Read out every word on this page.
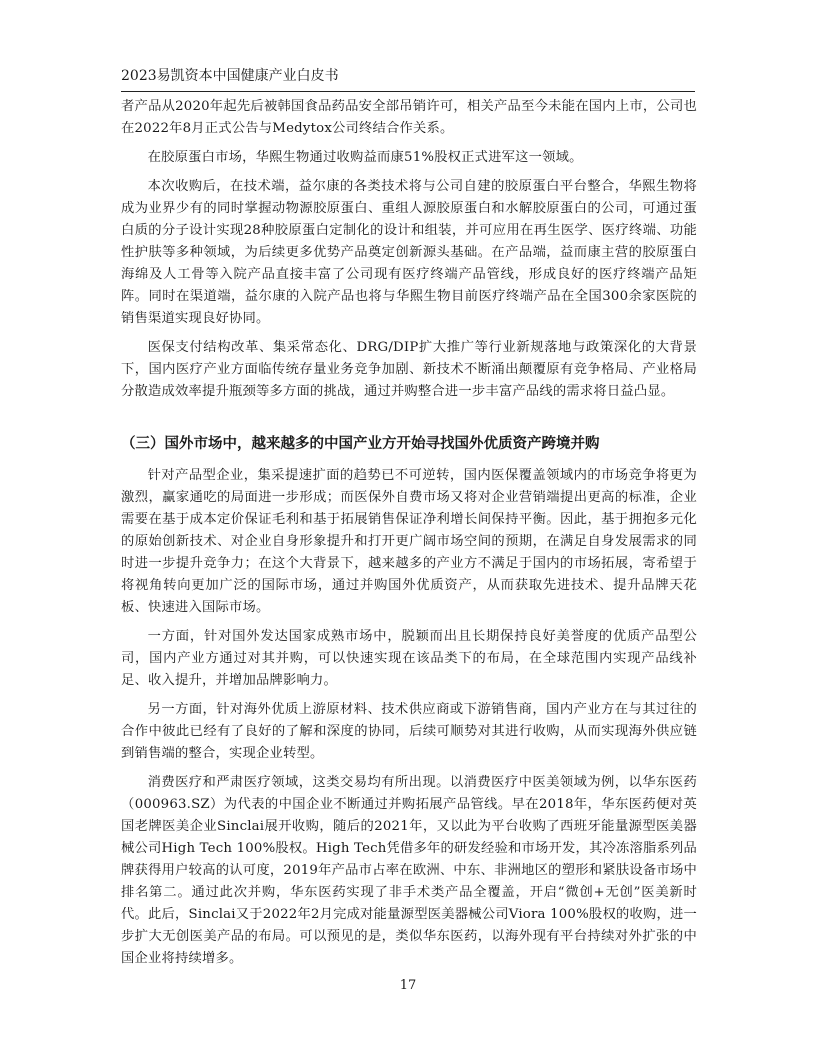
2023易凯资本中国健康产业白皮书

者产品从2020年起先后被韩国食品药品安全部吊销许可，相关产品至今未能在国内上市，公司也在2022年8月正式公告与Medytox公司终结合作关系。

在胶原蛋白市场，华熙生物通过收购益而康51%股权正式进军这一领域。

本次收购后，在技术端，益尔康的各类技术将与公司自建的胶原蛋白平台整合，华熙生物将成为业界少有的同时掌握动物源胶原蛋白、重组人源胶原蛋白和水解胶原蛋白的公司，可通过蛋白质的分子设计实现28种胶原蛋白定制化的设计和组装，并可应用在再生医学、医疗终端、功能性护肤等多种领域，为后续更多优势产品奠定创新源头基础。在产品端，益而康主营的胶原蛋白海绵及人工骨等入院产品直接丰富了公司现有医疗终端产品管线，形成良好的医疗终端产品矩阵。同时在渠道端，益尔康的入院产品也将与华熙生物目前医疗终端产品在全国300余家医院的销售渠道实现良好协同。

医保支付结构改革、集采常态化、DRG/DIP扩大推广等行业新规落地与政策深化的大背景下，国内医疗产业方面临传统存量业务竞争加剧、新技术不断涌出颠覆原有竞争格局、产业格局分散造成效率提升瓶颈等多方面的挑战，通过并购整合进一步丰富产品线的需求将日益凸显。

（三）国外市场中，越来越多的中国产业方开始寻找国外优质资产跨境并购

针对产品型企业，集采提速扩面的趋势已不可逆转，国内医保覆盖领域内的市场竞争将更为激烈，赢家通吃的局面进一步形成；而医保外自费市场又将对企业营销端提出更高的标准，企业需要在基于成本定价保证毛利和基于拓展销售保证净利增长间保持平衡。因此，基于拥抱多元化的原始创新技术、对企业自身形象提升和打开更广阔市场空间的预期，在满足自身发展需求的同时进一步提升竞争力；在这个大背景下，越来越多的产业方不满足于国内的市场拓展，寄希望于将视角转向更加广泛的国际市场，通过并购国外优质资产，从而获取先进技术、提升品牌天花板、快速进入国际市场。

一方面，针对国外发达国家成熟市场中，脱颖而出且长期保持良好美誉度的优质产品型公司，国内产业方通过对其并购，可以快速实现在该品类下的布局，在全球范围内实现产品线补足、收入提升，并增加品牌影响力。

另一方面，针对海外优质上游原材料、技术供应商或下游销售商，国内产业方在与其过往的合作中彼此已经有了良好的了解和深度的协同，后续可顺势对其进行收购，从而实现海外供应链到销售端的整合，实现企业转型。

消费医疗和严肃医疗领域，这类交易均有所出现。以消费医疗中医美领域为例，以华东医药（000963.SZ）为代表的中国企业不断通过并购拓展产品管线。早在2018年，华东医药便对英国老牌医美企业Sinclai展开收购，随后的2021年，又以此为平台收购了西班牙能量源型医美器械公司High Tech 100%股权。High Tech凭借多年的研发经验和市场开发，其冷冻溶脂系列品牌获得用户较高的认可度，2019年产品市占率在欧洲、中东、非洲地区的塑形和紧肤设备市场中排名第二。通过此次并购，华东医药实现了非手术类产品全覆盖，开启“微创+无创”医美新时代。此后，Sinclai又于2022年2月完成对能量源型医美器械公司Viora 100%股权的收购，进一步扩大无创医美产品的布局。可以预见的是，类似华东医药，以海外现有平台持续对外扩张的中国企业将持续增多。

17
